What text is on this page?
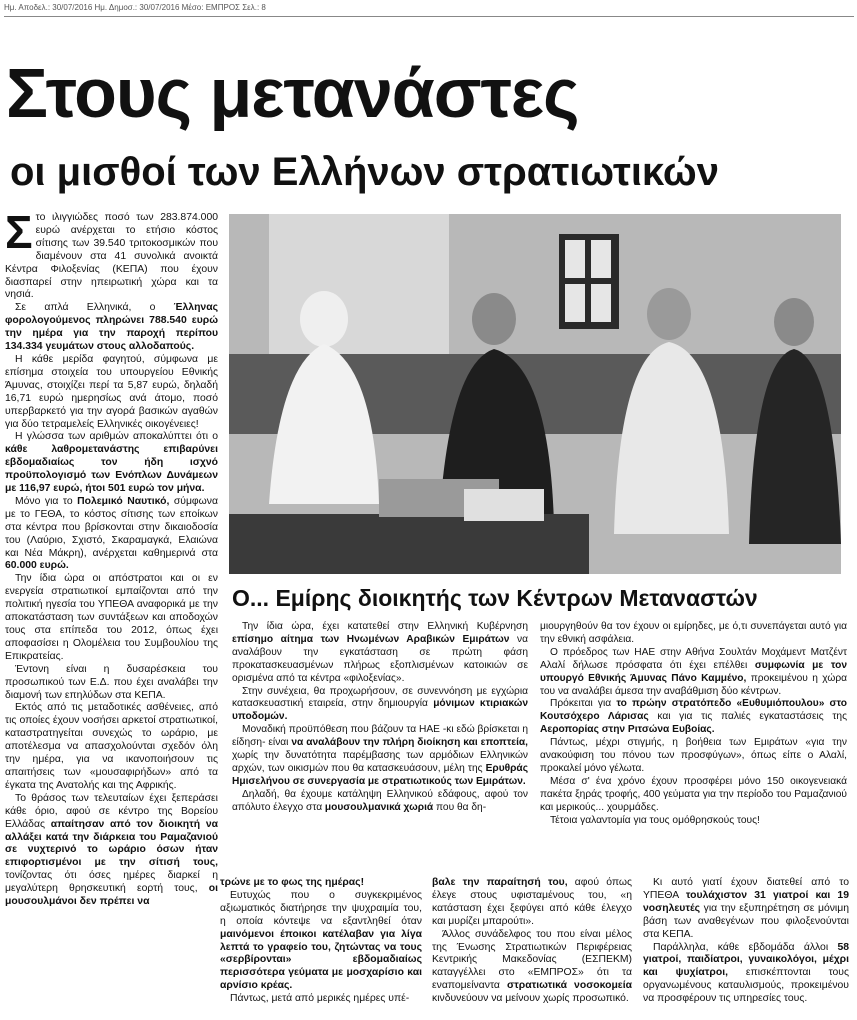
Ημ. Αποδελ.: 30/07/2016 Ημ. Δημοσ.: 30/07/2016 Μέσο: ΕΜΠΡΟΣ Σελ.: 8
Στους μετανάστες
οι μισθοί των Ελλήνων στρατιωτικών

Στο ιλιγγιώδες ποσό των 283.874.000 ευρώ ανέρχεται το ετήσιο κόστος σίτισης των 39.540 τριτοκοσμικών που διαμένουν στα 41 συνολικά ανοικτά Κέντρα Φιλοξενίας (ΚΕΠΑ) που έχουν διασπαρεί στην ηπειρωτική χώρα και τα νησιά.

Σε απλά Ελληνικά, ο Έλληνας φορολογούμενος πληρώνει 788.540 ευρώ την ημέρα για την παροχή περίπου 134.334 γευμάτων στους αλλοδαπούς.

Η κάθε μερίδα φαγητού, σύμφωνα με επίσημα στοιχεία του υπουργείου Εθνικής Άμυνας, στοιχίζει περί τα 5,87 ευρώ, δηλαδή 16,71 ευρώ ημερησίως ανά άτομο, ποσό υπερβαρκετό για την αγορά βασικών αγαθών για δύο τετραμελείς Ελληνικές οικογένειες!

Η γλώσσα των αριθμών αποκαλύπτει ότι ο κάθε λαθρομετανάστης επιβαρύνει εβδομαδιαίως τον ήδη ισχνό προϋπολογισμό των Ενόπλων Δυνάμεων με 116,97 ευρώ, ήτοι 501 ευρώ τον μήνα.

Μόνο για το Πολεμικό Ναυτικό, σύμφωνα με το ΓΕΘΑ, το κόστος σίτισης των εποίκων στα κέντρα που βρίσκονται στην δικαιοδοσία του (Λαύριο, Σχιστό, Σκαραμαγκά, Ελαιώνα και Νέα Μάκρη), ανέρχεται καθημερινά στα 60.000 ευρώ.

Την ίδια ώρα οι απόστρατοι και οι εν ενεργεία στρατιωτικοί εμπαίζονται από την πολιτική ηγεσία του ΥΠΕΘΑ αναφορικά με την αποκατάσταση των συντάξεων και αποδοχών τους στα επίπεδα του 2012, όπως έχει αποφασίσει η Ολομέλεια του Συμβουλίου της Επικρατείας.

Έντονη είναι η δυσαρέσκεια του προσωπικού των Ε.Δ. που έχει αναλάβει την διαμονή των επηλύδων στα ΚΕΠΑ.

Εκτός από τις μεταδοτικές ασθένειες, από τις οποίες έχουν νοσήσει αρκετοί στρατιωτικοί, καταστρατηγείται συνεχώς το ωράριο, με αποτέλεσμα να απασχολούνται σχεδόν όλη την ημέρα, για να ικανοποιήσουν τις απαιτήσεις των «μουσαφιρήδων» από τα έγκατα της Ανατολής και της Αφρικής.

Το θράσος των τελευταίων έχει ξεπεράσει κάθε όριο, αφού σε κέντρο της Βορείου Ελλάδας απαίτησαν από τον διοικητή να αλλάξει κατά την διάρκεια του Ραμαζανιού σε νυχτερινό το ωράριο όσων ήταν επιφορτισμένοι με την σίτισή τους, τονίζοντας ότι όσες ημέρες διαρκεί η μεγαλύτερη θρησκευτική εορτή τους, οι μουσουλμάνοι δεν πρέπει να

Ο... Εμίρης διοικητής των Κέντρων Μεταναστών

Την ίδια ώρα, έχει κατατεθεί στην Ελληνική Κυβέρνηση επίσημο αίτημα των Ηνωμένων Αραβικών Εμιράτων να αναλάβουν την εγκατάσταση σε πρώτη φάση προκατασκευασμένων πλήρως εξοπλισμένων κατοικιών σε ορισμένα από τα κέντρα «φιλοξενίας».

Στην συνέχεια, θα προχωρήσουν, σε συνεννόηση με εγχώρια κατασκευαστική εταιρεία, στην δημιουργία μόνιμων κτιριακών υποδομών.

Μοναδική προϋπόθεση που βάζουν τα ΗΑΕ -κι εδώ βρίσκεται η είδηση- είναι να αναλάβουν την πλήρη διοίκηση και εποπτεία, χωρίς την δυνατότητα παρέμβασης των αρμόδιων Ελληνικών αρχών, των οικισμών που θα κατασκευάσουν, μέλη της Ερυθράς Ημισελήνου σε συνεργασία με στρατιωτικούς των Εμιράτων.

Δηλαδή, θα έχουμε κατάληψη Ελληνικού εδάφους, αφού τον απόλυτο έλεγχο στα μουσουλμανικά χωριά που θα δη-

μιουργηθούν θα τον έχουν οι εμίρηδες, με ό,τι συνεπάγεται αυτό για την εθνική ασφάλεια.

Ο πρόεδρος των ΗΑΕ στην Αθήνα Σουλτάν Μοχάμεντ Ματζέντ Αλαλί δήλωσε πρόσφατα ότι έχει επέλθει συμφωνία με τον υπουργό Εθνικής Άμυνας Πάνο Καμμένο, προκειμένου η χώρα του να αναλάβει άμεσα την αναβάθμιση δύο κέντρων.

Πρόκειται για το πρώην στρατόπεδο «Ευθυμιόπουλου» στο Κουτσόχερο Λάρισας και για τις παλιές εγκαταστάσεις της Αεροπορίας στην Ριτσώνα Ευβοίας.

Πάντως, μέχρι στιγμής, η βοήθεια των Εμιράτων «για την ανακούφιση του πόνου των προσφύγων», όπως είπε ο Αλαλί, προκαλεί μόνο γέλωτα.

Μέσα σ' ένα χρόνο έχουν προσφέρει μόνο 150 οικογενειακά πακέτα ξηράς τροφής, 400 γεύματα για την περίοδο του Ραμαζανιού και μερικούς... χουρμάδες.

Τέτοια γαλαντομία για τους ομόθρησκούς τους!

τρώνε με το φως της ημέρας!

Ευτυχώς που ο συγκεκριμένος αξιωματικός διατήρησε την ψυχραιμία του, η οποία κόντεψε να εξαντληθεί όταν μαινόμενοι έποικοι κατέλαβαν για λίγα λεπτά το γραφείο του, ζητώντας να τους «σερβίρονται» εβδομαδιαίως περισσότερα γεύματα με μοσχαρίσιο και αρνίσιο κρέας.

Πάντως, μετά από μερικές ημέρες υπέ-

βαλε την παραίτησή του, αφού όπως έλεγε στους υφισταμένους του, «η κατάσταση έχει ξεφύγει από κάθε έλεγχο και μυρίζει μπαρούτι».

Άλλος συνάδελφος του που είναι μέλος της Ένωσης Στρατιωτικών Περιφέρειας Κεντρικής Μακεδονίας (ΕΣΠΕΚΜ) καταγγέλλει στο «ΕΜΠΡΟΣ» ότι τα εναπομείναντα στρατιωτικά νοσοκομεία κινδυνεύουν να μείνουν χωρίς προσωπικό.

Κι αυτό γιατί έχουν διατεθεί από το ΥΠΕΘΑ τουλάχιστον 31 γιατροί και 19 νοσηλευτές για την εξυπηρέτηση σε μόνιμη βάση των αναθεγένων που φιλοξενούνται στα ΚΕΠΑ.

Παράλληλα, κάθε εβδομάδα άλλοι 58 γιατροί, παιδίατροι, γυναικολόγοι, μέχρι και ψυχίατροι, επισκέπτονται τους οργανωμένους καταυλισμούς, προκειμένου να προσφέρουν τις υπηρεσίες τους.
